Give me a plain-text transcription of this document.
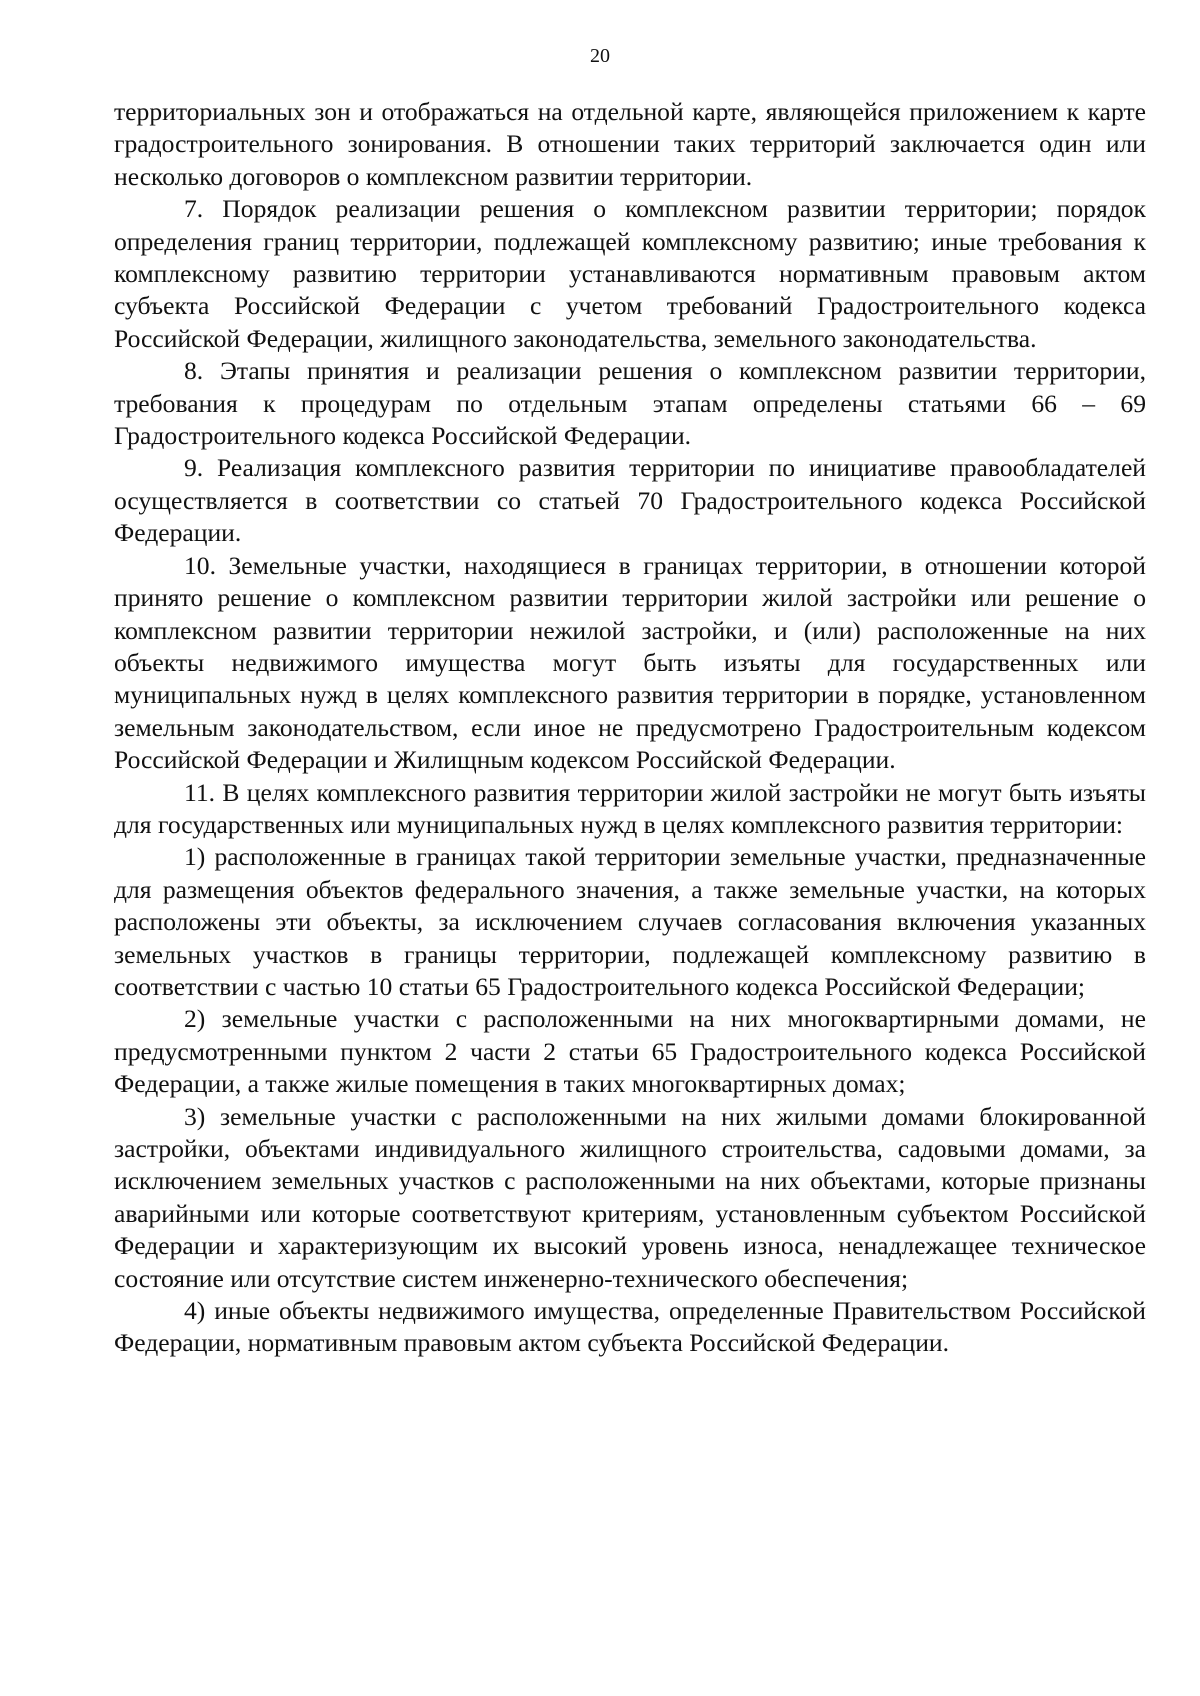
20

территориальных зон и отображаться на отдельной карте, являющейся приложением к карте градостроительного зонирования. В отношении таких территорий заключается один или несколько договоров о комплексном развитии территории.

7. Порядок реализации решения о комплексном развитии территории; порядок определения границ территории, подлежащей комплексному развитию; иные требования к комплексному развитию территории устанавливаются нормативным правовым актом субъекта Российской Федерации с учетом требований Градостроительного кодекса Российской Федерации, жилищного законодательства, земельного законодательства.

8. Этапы принятия и реализации решения о комплексном развитии территории, требования к процедурам по отдельным этапам определены статьями 66 – 69 Градостроительного кодекса Российской Федерации.

9. Реализация комплексного развития территории по инициативе правообладателей осуществляется в соответствии со статьей 70 Градостроительного кодекса Российской Федерации.

10. Земельные участки, находящиеся в границах территории, в отношении которой принято решение о комплексном развитии территории жилой застройки или решение о комплексном развитии территории нежилой застройки, и (или) расположенные на них объекты недвижимого имущества могут быть изъяты для государственных или муниципальных нужд в целях комплексного развития территории в порядке, установленном земельным законодательством, если иное не предусмотрено Градостроительным кодексом Российской Федерации и Жилищным кодексом Российской Федерации.

11. В целях комплексного развития территории жилой застройки не могут быть изъяты для государственных или муниципальных нужд в целях комплексного развития территории:

1) расположенные в границах такой территории земельные участки, предназначенные для размещения объектов федерального значения, а также земельные участки, на которых расположены эти объекты, за исключением случаев согласования включения указанных земельных участков в границы территории, подлежащей комплексному развитию в соответствии с частью 10 статьи 65 Градостроительного кодекса Российской Федерации;

2) земельные участки с расположенными на них многоквартирными домами, не предусмотренными пунктом 2 части 2 статьи 65 Градостроительного кодекса Российской Федерации, а также жилые помещения в таких многоквартирных домах;

3) земельные участки с расположенными на них жилыми домами блокированной застройки, объектами индивидуального жилищного строительства, садовыми домами, за исключением земельных участков с расположенными на них объектами, которые признаны аварийными или которые соответствуют критериям, установленным субъектом Российской Федерации и характеризующим их высокий уровень износа, ненадлежащее техническое состояние или отсутствие систем инженерно-технического обеспечения;

4) иные объекты недвижимого имущества, определенные Правительством Российской Федерации, нормативным правовым актом субъекта Российской Федерации.
